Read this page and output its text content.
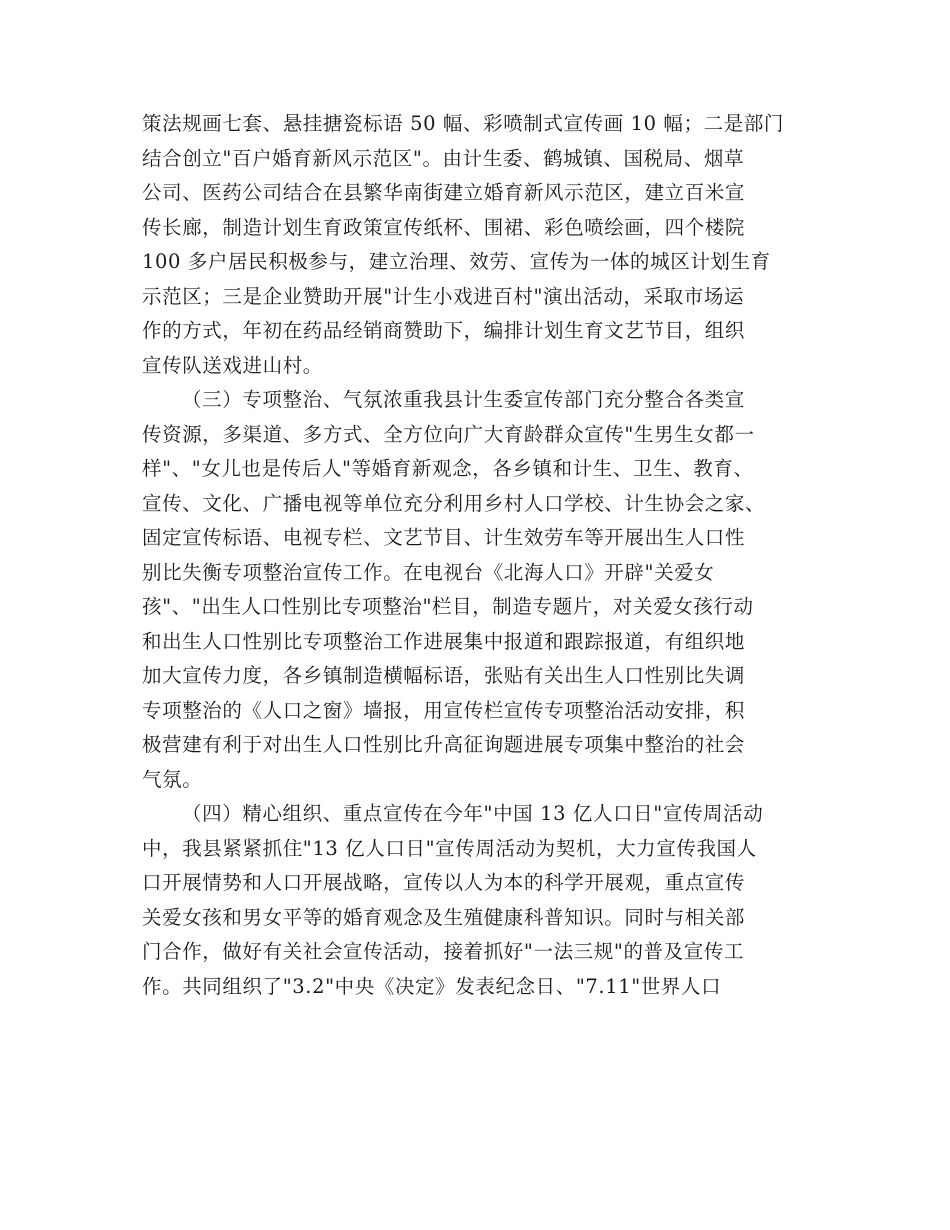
策法规画七套、悬挂搪瓷标语 50 幅、彩喷制式宣传画 10 幅；二是部门
结合创立"百户婚育新风示范区"。由计生委、鹤城镇、国税局、烟草
公司、医药公司结合在县繁华南街建立婚育新风示范区，建立百米宣
传长廊，制造计划生育政策宣传纸杯、围裙、彩色喷绘画，四个楼院
100 多户居民积极参与，建立治理、效劳、宣传为一体的城区计划生育
示范区；三是企业赞助开展"计生小戏进百村"演出活动，采取市场运
作的方式，年初在药品经销商赞助下，编排计划生育文艺节目，组织
宣传队送戏进山村。
（三）专项整治、气氛浓重我县计生委宣传部门充分整合各类宣
传资源，多渠道、多方式、全方位向广大育龄群众宣传"生男生女都一
样"、"女儿也是传后人"等婚育新观念，各乡镇和计生、卫生、教育、
宣传、文化、广播电视等单位充分利用乡村人口学校、计生协会之家、
固定宣传标语、电视专栏、文艺节目、计生效劳车等开展出生人口性
别比失衡专项整治宣传工作。在电视台《北海人口》开辟"关爱女
孩"、"出生人口性别比专项整治"栏目，制造专题片，对关爱女孩行动
和出生人口性别比专项整治工作进展集中报道和跟踪报道，有组织地
加大宣传力度，各乡镇制造横幅标语，张贴有关出生人口性别比失调
专项整治的《人口之窗》墙报，用宣传栏宣传专项整治活动安排，积
极营建有利于对出生人口性别比升高征询题进展专项集中整治的社会
气氛。
（四）精心组织、重点宣传在今年"中国 13 亿人口日"宣传周活动
中，我县紧紧抓住"13 亿人口日"宣传周活动为契机，大力宣传我国人
口开展情势和人口开展战略，宣传以人为本的科学开展观，重点宣传
关爱女孩和男女平等的婚育观念及生殖健康科普知识。同时与相关部
门合作，做好有关社会宣传活动，接着抓好"一法三规"的普及宣传工
作。共同组织了"3.2"中央《决定》发表纪念日、"7.11"世界人口
